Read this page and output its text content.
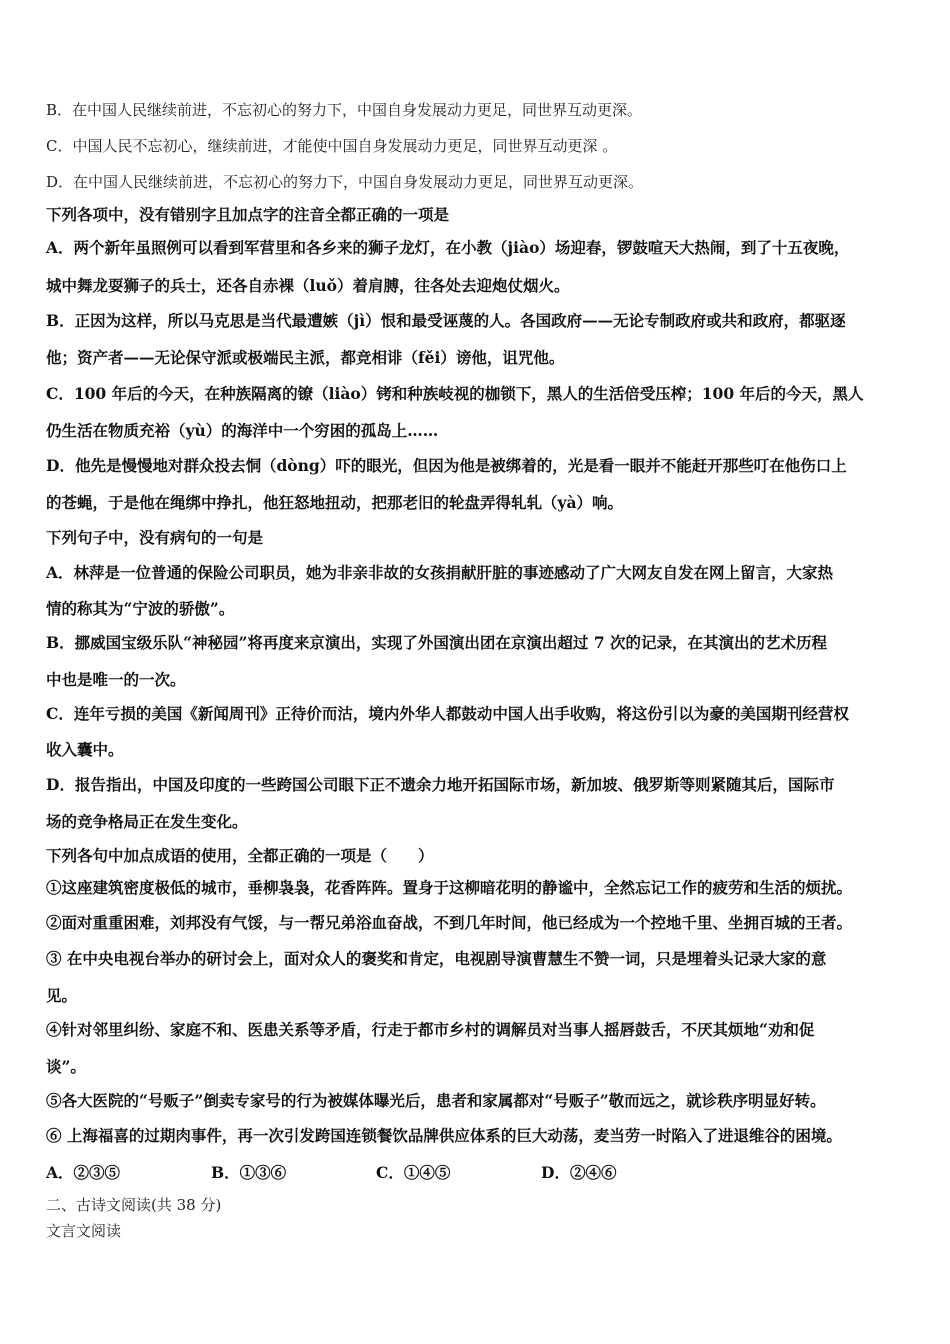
B．在中国人民继续前进，不忘初心的努力下，中国自身发展动力更足，同世界互动更深。
C．中国人民不忘初心，继续前进，才能使中国自身发展动力更足，同世界互动更深 。
D．在中国人民继续前进，不忘初心的努力下，中国自身发展动力更足，同世界互动更深。
下列各项中，没有错别字且加点字的注音全都正确的一项是
A．两个新年虽照例可以看到军营里和各乡来的狮子龙灯，在小教（jiào）场迎春，锣鼓喧天大热闹，到了十五夜晚，
城中舞龙耍狮子的兵士，还各自赤裸（luǒ）着肩膊，往各处去迎炮仗烟火。
B．正因为这样，所以马克思是当代最遭嫉（jì）恨和最受诬蔑的人。各国政府——无论专制政府或共和政府，都驱逐
他；资产者——无论保守派或极端民主派，都竞相诽（fěi）谤他，诅咒他。
C．100 年后的今天，在种族隔离的镣（liào）铐和种族岐视的枷锁下，黑人的生活倍受压榨；100 年后的今天，黑人
仍生活在物质充裕（yù）的海洋中一个穷困的孤岛上……
D．他先是慢慢地对群众投去恫（dòng）吓的眼光，但因为他是被绑着的，光是看一眼并不能赶开那些叮在他伤口上
的苍蝇，于是他在绳绑中挣扎，他狂怒地扭动，把那老旧的轮盘弄得轧轧（yà）响。
下列句子中，没有病句的一句是
A．林萍是一位普通的保险公司职员，她为非亲非故的女孩捐献肝脏的事迹感动了广大网友自发在网上留言，大家热
情的称其为“宁波的骄傲”。
B．挪威国宝级乐队“神秘园”将再度来京演出，实现了外国演出团在京演出超过 7 次的记录，在其演出的艺术历程
中也是唯一的一次。
C．连年亏损的美国《新闻周刊》正待价而沽，境内外华人都鼓动中国人出手收购，将这份引以为豪的美国期刊经营权
收入囊中。
D．报告指出，中国及印度的一些跨国公司眼下正不遗余力地开拓国际市场，新加坡、俄罗斯等则紧随其后，国际市
场的竞争格局正在发生变化。
下列各句中加点成语的使用，全都正确的一项是（　　）
①这座建筑密度极低的城市，垂柳袅袅，花香阵阵。置身于这柳暗花明的静谧中，全然忘记工作的疲劳和生活的烦扰。
②面对重重困难，刘邦没有气馁，与一帮兄弟浴血奋战，不到几年时间，他已经成为一个控地千里、坐拥百城的王者。
③ 在中央电视台举办的研讨会上，面对众人的褒奖和肯定，电视剧导演曹慧生不赞一词，只是埋着头记录大家的意
见。
④针对邻里纠纷、家庭不和、医患关系等矛盾，行走于都市乡村的调解员对当事人摇唇鼓舌，不厌其烦地“劝和促
谈”。
⑤各大医院的“号贩子”倒卖专家号的行为被媒体曝光后，患者和家属都对“号贩子”敬而远之，就诊秩序明显好转。
⑥ 上海福喜的过期肉事件，再一次引发跨国连锁餐饮品牌供应体系的巨大动荡，麦当劳一时陷入了进退维谷的困境。
A．②③⑤	B．①③⑥	C．①④⑤	D．②④⑥
二、古诗文阅读(共 38 分)
文言文阅读
